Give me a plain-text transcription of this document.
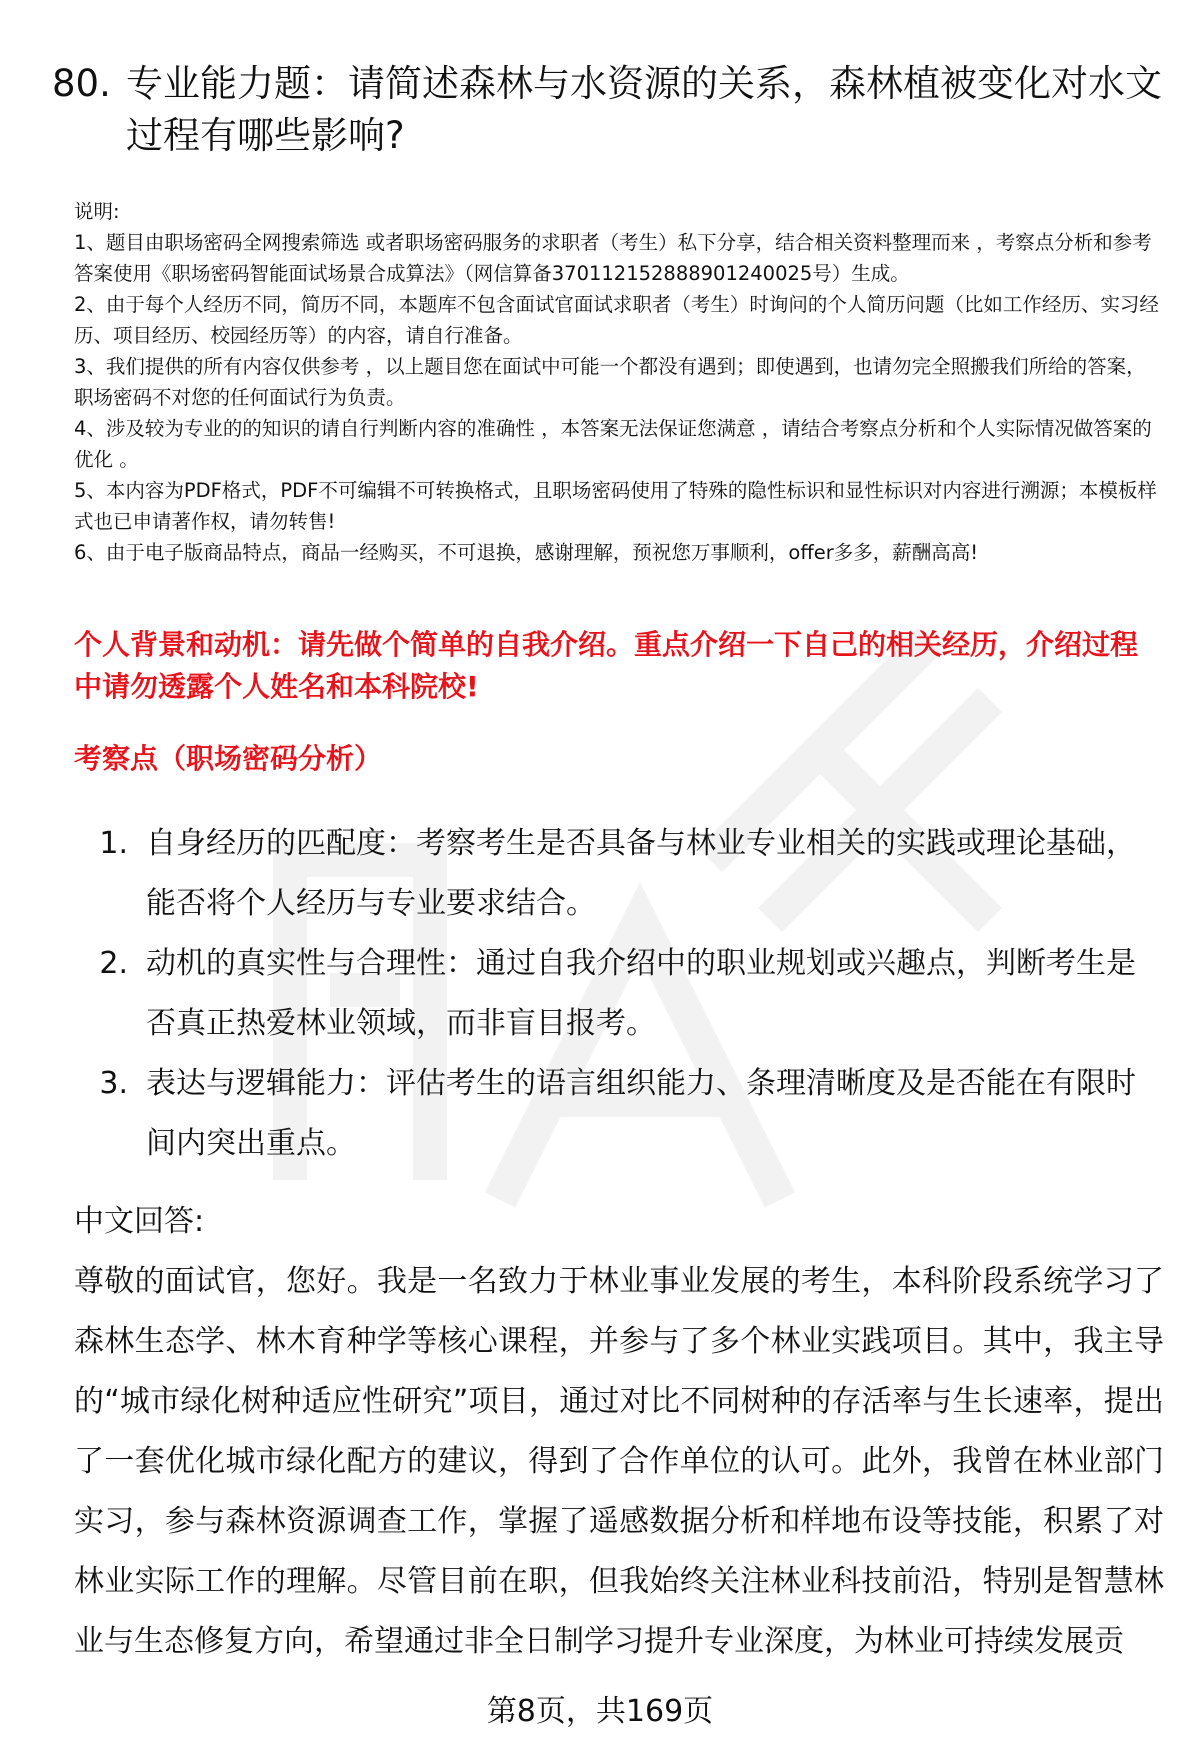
80. 专业能力题：请简述森林与水资源的关系，森林植被变化对水文过程有哪些影响?

说明:

1、题目由职场密码全网搜索筛选 或者职场密码服务的求职者（考生）私下分享，结合相关资料整理而来 ，考察点分析和参考答案使用《职场密码智能面试场景合成算法》（网信算备370112152888901240025号）生成。

2、由于每个人经历不同，简历不同，本题库不包含面试官面试求职者（考生）时询问的个人简历问题（比如工作经历、实习经历、项目经历、校园经历等）的内容，请自行准备。

3、我们提供的所有内容仅供参考 ，以上题目您在面试中可能一个都没有遇到；即使遇到，也请勿完全照搬我们所给的答案，职场密码不对您的任何面试行为负责。

4、涉及较为专业的的知识的请自行判断内容的准确性 ，本答案无法保证您满意 ，请结合考察点分析和个人实际情况做答案的优化 。

5、本内容为PDF格式，PDF不可编辑不可转换格式，且职场密码使用了特殊的隐性标识和显性标识对内容进行溯源；本模板样式也已申请著作权，请勿转售!

6、由于电子版商品特点，商品一经购买，不可退换，感谢理解，预祝您万事顺利，offer多多，薪酬高高!

个人背景和动机：请先做个简单的自我介绍。重点介绍一下自己的相关经历，介绍过程中请勿透露个人姓名和本科院校!
考察点（职场密码分析）
1. 自身经历的匹配度：考察考生是否具备与林业专业相关的实践或理论基础，能否将个人经历与专业要求结合。
2. 动机的真实性与合理性：通过自我介绍中的职业规划或兴趣点，判断考生是否真正热爱林业领域，而非盲目报考。
3. 表达与逻辑能力：评估考生的语言组织能力、条理清晰度及是否能在有限时间内突出重点。
中文回答:

尊敬的面试官，您好。我是一名致力于林业事业发展的考生，本科阶段系统学习了森林生态学、林木育种学等核心课程，并参与了多个林业实践项目。其中，我主导的“城市绿化树种适应性研究”项目，通过对比不同树种的存活率与生长速率，提出了一套优化城市绿化配方的建议，得到了合作单位的认可。此外，我曾在林业部门实习，参与森林资源调查工作，掌握了遥感数据分析和样地布设等技能，积累了对林业实际工作的理解。尽管目前在职，但我始终关注林业科技前沿，特别是智慧林业与生态修复方向，希望通过非全日制学习提升专业深度，为林业可持续发展贡

第8页，共169页
